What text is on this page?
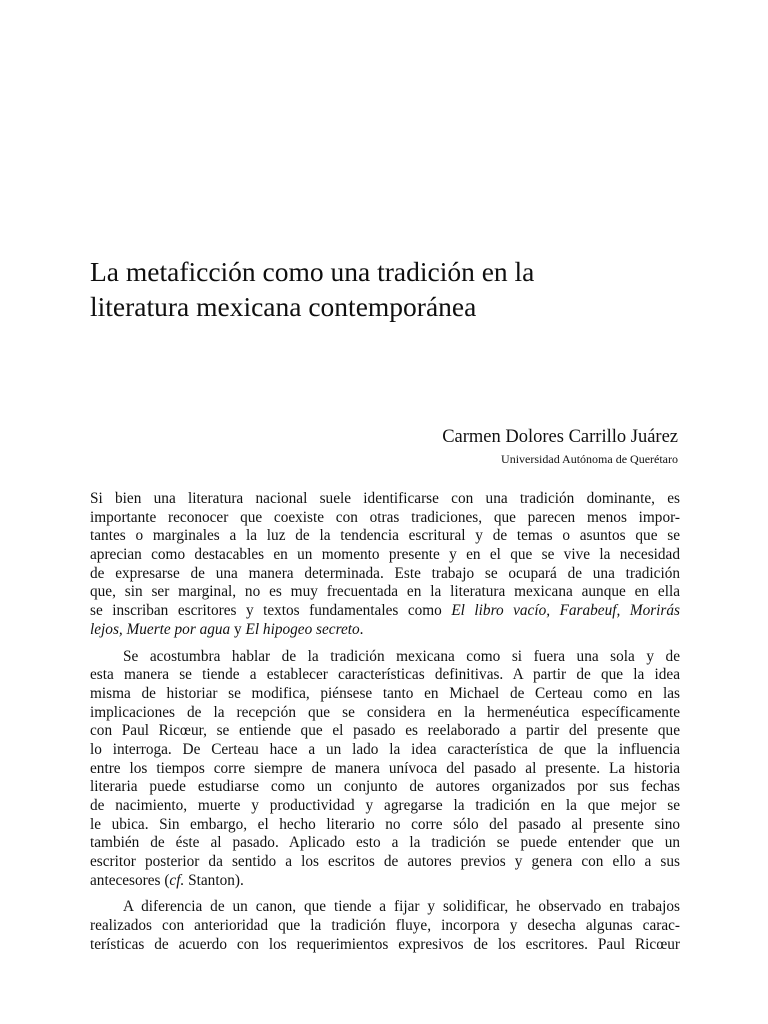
La metaficción como una tradición en la
literatura mexicana contemporánea
Carmen Dolores Carrillo Juárez
Universidad Autónoma de Querétaro

Si bien una literatura nacional suele identificarse con una tradición dominante, es
importante reconocer que coexiste con otras tradiciones, que parecen menos impor-
tantes o marginales a la luz de la tendencia escritural y de temas o asuntos que se
aprecian como destacables en un momento presente y en el que se vive la necesidad
de expresarse de una manera determinada. Este trabajo se ocupará de una tradición
que, sin ser marginal, no es muy frecuentada en la literatura mexicana aunque en ella
se inscriban escritores y textos fundamentales como El libro vacío, Farabeuf, Morirás
lejos, Muerte por agua y El hipogeo secreto.

Se acostumbra hablar de la tradición mexicana como si fuera una sola y de
esta manera se tiende a establecer características definitivas. A partir de que la idea
misma de historiar se modifica, piénsese tanto en Michael de Certeau como en las
implicaciones de la recepción que se considera en la hermenéutica específicamente
con Paul Ricœur, se entiende que el pasado es reelaborado a partir del presente que
lo interroga. De Certeau hace a un lado la idea característica de que la influencia
entre los tiempos corre siempre de manera unívoca del pasado al presente. La historia
literaria puede estudiarse como un conjunto de autores organizados por sus fechas
de nacimiento, muerte y productividad y agregarse la tradición en la que mejor se
le ubica. Sin embargo, el hecho literario no corre sólo del pasado al presente sino
también de éste al pasado. Aplicado esto a la tradición se puede entender que un
escritor posterior da sentido a los escritos de autores previos y genera con ello a sus
antecesores (cf. Stanton).

A diferencia de un canon, que tiende a fijar y solidificar, he observado en trabajos
realizados con anterioridad que la tradición fluye, incorpora y desecha algunas carac-
terísticas de acuerdo con los requerimientos expresivos de los escritores. Paul Ricœur
